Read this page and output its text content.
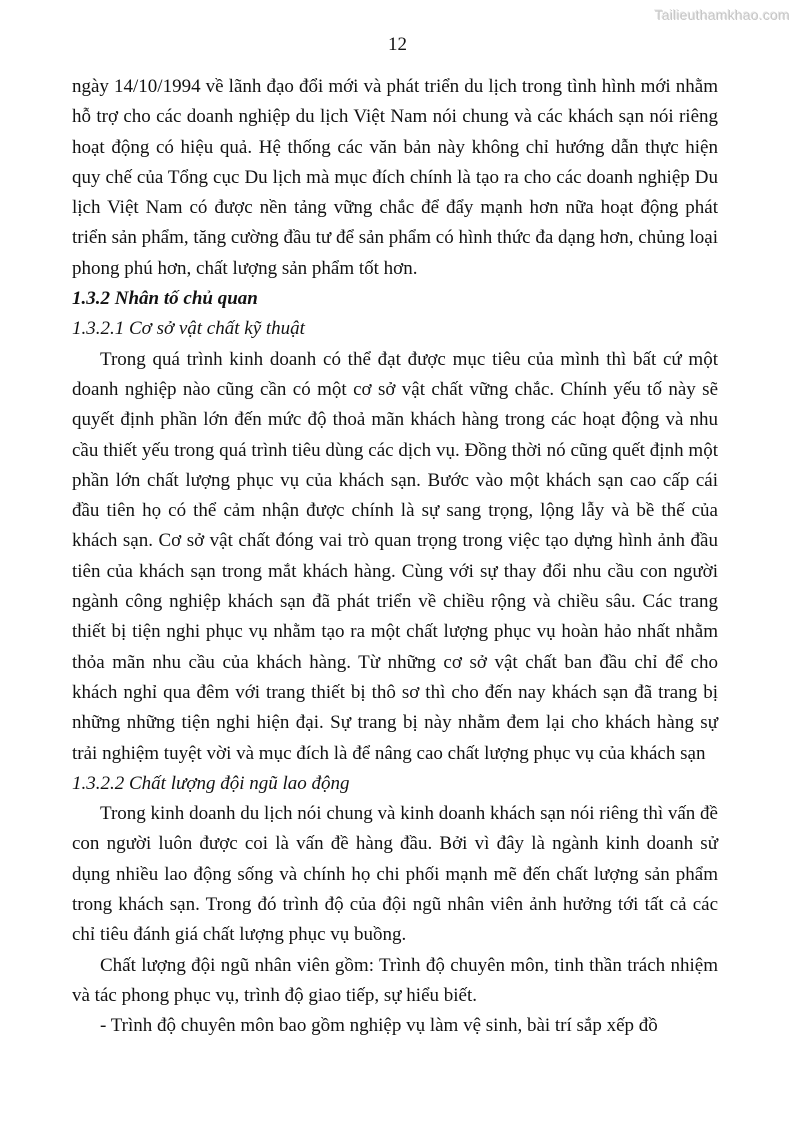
Tailieuthamkhao.com
12

ngày 14/10/1994 về lãnh đạo đổi mới và phát triển du lịch trong tình hình mới nhằm hỗ trợ cho các doanh nghiệp du lịch Việt Nam nói chung và các khách sạn nói riêng hoạt động có hiệu quả. Hệ thống các văn bản này không chỉ hướng dẫn thực hiện quy chế của Tổng cục Du lịch mà mục đích chính là tạo ra cho các doanh nghiệp Du lịch Việt Nam có được nền tảng vững chắc để đẩy mạnh hơn nữa hoạt động phát triển sản phẩm, tăng cường đầu tư để sản phẩm có hình thức đa dạng hơn, chủng loại phong phú hơn, chất lượng sản phẩm tốt hơn.

1.3.2 Nhân tố chủ quan

1.3.2.1 Cơ sở vật chất kỹ thuật

Trong quá trình kinh doanh có thể đạt được mục tiêu của mình thì bất cứ một doanh nghiệp nào cũng cần có một cơ sở vật chất vững chắc. Chính yếu tố này sẽ quyết định phần lớn đến mức độ thoả mãn khách hàng trong các hoạt động và nhu cầu thiết yếu trong quá trình tiêu dùng các dịch vụ. Đồng thời nó cũng quết định một phần lớn chất lượng phục vụ của khách sạn. Bước vào một khách sạn cao cấp cái đầu tiên họ có thể cảm nhận được chính là sự sang trọng, lộng lẫy và bề thế của khách sạn. Cơ sở vật chất đóng vai trò quan trọng trong việc tạo dựng hình ảnh đầu tiên của khách sạn trong mắt khách hàng. Cùng với sự thay đổi nhu cầu con người ngành công nghiệp khách sạn đã phát triển về chiều rộng và chiều sâu. Các trang thiết bị tiện nghi phục vụ nhằm tạo ra một chất lượng phục vụ hoàn hảo nhất nhằm thỏa mãn nhu cầu của khách hàng. Từ những cơ sở vật chất ban đầu chỉ để cho khách nghỉ qua đêm với trang thiết bị thô sơ thì cho đến nay khách sạn đã trang bị những những tiện nghi hiện đại. Sự trang bị này nhằm đem lại cho khách hàng sự trải nghiệm tuyệt vời và mục đích là để nâng cao chất lượng phục vụ của khách sạn

1.3.2.2 Chất lượng đội ngũ lao động

Trong kinh doanh du lịch nói chung và kinh doanh khách sạn nói riêng thì vấn đề con người luôn được coi là vấn đề hàng đầu. Bởi vì đây là ngành kinh doanh sử dụng nhiều lao động sống và chính họ chi phối mạnh mẽ đến chất lượng sản phẩm trong khách sạn. Trong đó trình độ của đội ngũ nhân viên ảnh hưởng tới tất cả các chỉ tiêu đánh giá chất lượng phục vụ buồng.

Chất lượng đội ngũ nhân viên gồm: Trình độ chuyên môn, tinh thần trách nhiệm và tác phong phục vụ, trình độ giao tiếp, sự hiểu biết.

- Trình độ chuyên môn bao gồm nghiệp vụ làm vệ sinh, bài trí sắp xếp đồ
